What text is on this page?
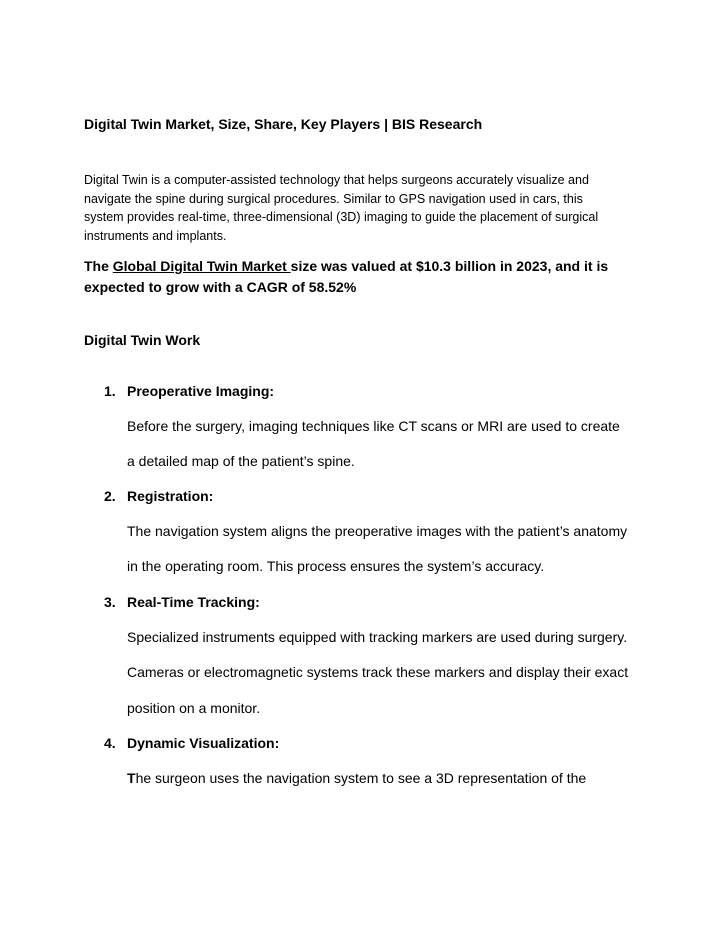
Digital Twin Market, Size, Share, Key Players | BIS Research
Digital Twin is a computer-assisted technology that helps surgeons accurately visualize and
navigate the spine during surgical procedures. Similar to GPS navigation used in cars, this
system provides real-time, three-dimensional (3D) imaging to guide the placement of surgical
instruments and implants.
The Global Digital Twin Market size was valued at $10.3 billion in 2023, and it is expected to grow with a CAGR of 58.52%
Digital Twin Work
1. Preoperative Imaging:
Before the surgery, imaging techniques like CT scans or MRI are used to create
a detailed map of the patient’s spine.
2. Registration:
The navigation system aligns the preoperative images with the patient’s anatomy
in the operating room. This process ensures the system’s accuracy.
3. Real-Time Tracking:
Specialized instruments equipped with tracking markers are used during surgery.
Cameras or electromagnetic systems track these markers and display their exact
position on a monitor.
4. Dynamic Visualization:
The surgeon uses the navigation system to see a 3D representation of the
